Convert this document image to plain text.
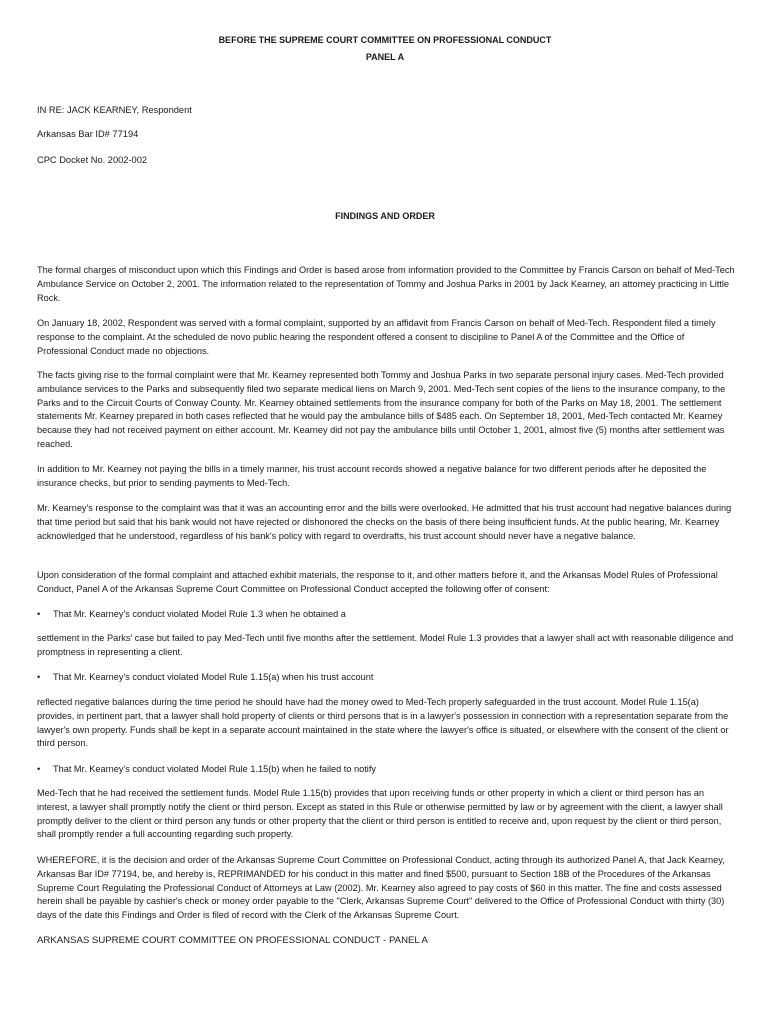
BEFORE THE SUPREME COURT COMMITTEE ON PROFESSIONAL CONDUCT
PANEL A
IN RE: JACK KEARNEY, Respondent
Arkansas Bar ID# 77194
CPC Docket No. 2002-002
FINDINGS AND ORDER
The formal charges of misconduct upon which this Findings and Order is based arose from information provided to the Committee by Francis Carson on behalf of Med-Tech Ambulance Service on October 2, 2001. The information related to the representation of Tommy and Joshua Parks in 2001 by Jack Kearney, an attorney practicing in Little Rock.
On January 18, 2002, Respondent was served with a formal complaint, supported by an affidavit from Francis Carson on behalf of Med-Tech. Respondent filed a timely response to the complaint. At the scheduled de novo public hearing the respondent offered a consent to discipline to Panel A of the Committee and the Office of Professional Conduct made no objections.
The facts giving rise to the formal complaint were that Mr. Kearney represented both Tommy and Joshua Parks in two separate personal injury cases. Med-Tech provided ambulance services to the Parks and subsequently filed two separate medical liens on March 9, 2001. Med-Tech sent copies of the liens to the insurance company, to the Parks and to the Circuit Courts of Conway County. Mr. Kearney obtained settlements from the insurance company for both of the Parks on May 18, 2001. The settlement statements Mr. Kearney prepared in both cases reflected that he would pay the ambulance bills of $485 each. On September 18, 2001, Med-Tech contacted Mr. Kearney because they had not received payment on either account. Mr. Kearney did not pay the ambulance bills until October 1, 2001, almost five (5) months after settlement was reached.
In addition to Mr. Kearney not paying the bills in a timely manner, his trust account records showed a negative balance for two different periods after he deposited the insurance checks, but prior to sending payments to Med-Tech.
Mr. Kearney's response to the complaint was that it was an accounting error and the bills were overlooked. He admitted that his trust account had negative balances during that time period but said that his bank would not have rejected or dishonored the checks on the basis of there being insufficient funds. At the public hearing, Mr. Kearney acknowledged that he understood, regardless of his bank's policy with regard to overdrafts, his trust account should never have a negative balance.
Upon consideration of the formal complaint and attached exhibit materials, the response to it, and other matters before it, and the Arkansas Model Rules of Professional Conduct, Panel A of the Arkansas Supreme Court Committee on Professional Conduct accepted the following offer of consent:
• That Mr. Kearney's conduct violated Model Rule 1.3 when he obtained a
settlement in the Parks' case but failed to pay Med-Tech until five months after the settlement. Model Rule 1.3 provides that a lawyer shall act with reasonable diligence and promptness in representing a client.
• That Mr. Kearney's conduct violated Model Rule 1.15(a) when his trust account
reflected negative balances during the time period he should have had the money owed to Med-Tech properly safeguarded in the trust account. Model Rule 1.15(a) provides, in pertinent part, that a lawyer shall hold property of clients or third persons that is in a lawyer's possession in connection with a representation separate from the lawyer's own property. Funds shall be kept in a separate account maintained in the state where the lawyer's office is situated, or elsewhere with the consent of the client or third person.
• That Mr. Kearney's conduct violated Model Rule 1.15(b) when he failed to notify
Med-Tech that he had received the settlement funds. Model Rule 1.15(b) provides that upon receiving funds or other property in which a client or third person has an interest, a lawyer shall promptly notify the client or third person. Except as stated in this Rule or otherwise permitted by law or by agreement with the client, a lawyer shall promptly deliver to the client or third person any funds or other property that the client or third person is entitled to receive and, upon request by the client or third person, shall promptly render a full accounting regarding such property.
WHEREFORE, it is the decision and order of the Arkansas Supreme Court Committee on Professional Conduct, acting through its authorized Panel A, that Jack Kearney, Arkansas Bar ID# 77194, be, and hereby is, REPRIMANDED for his conduct in this matter and fined $500, pursuant to Section 18B of the Procedures of the Arkansas Supreme Court Regulating the Professional Conduct of Attorneys at Law (2002). Mr. Kearney also agreed to pay costs of $60 in this matter. The fine and costs assessed herein shall be payable by cashier's check or money order payable to the "Clerk, Arkansas Supreme Court" delivered to the Office of Professional Conduct with thirty (30) days of the date this Findings and Order is filed of record with the Clerk of the Arkansas Supreme Court.
ARKANSAS SUPREME COURT COMMITTEE ON PROFESSIONAL CONDUCT - PANEL A
